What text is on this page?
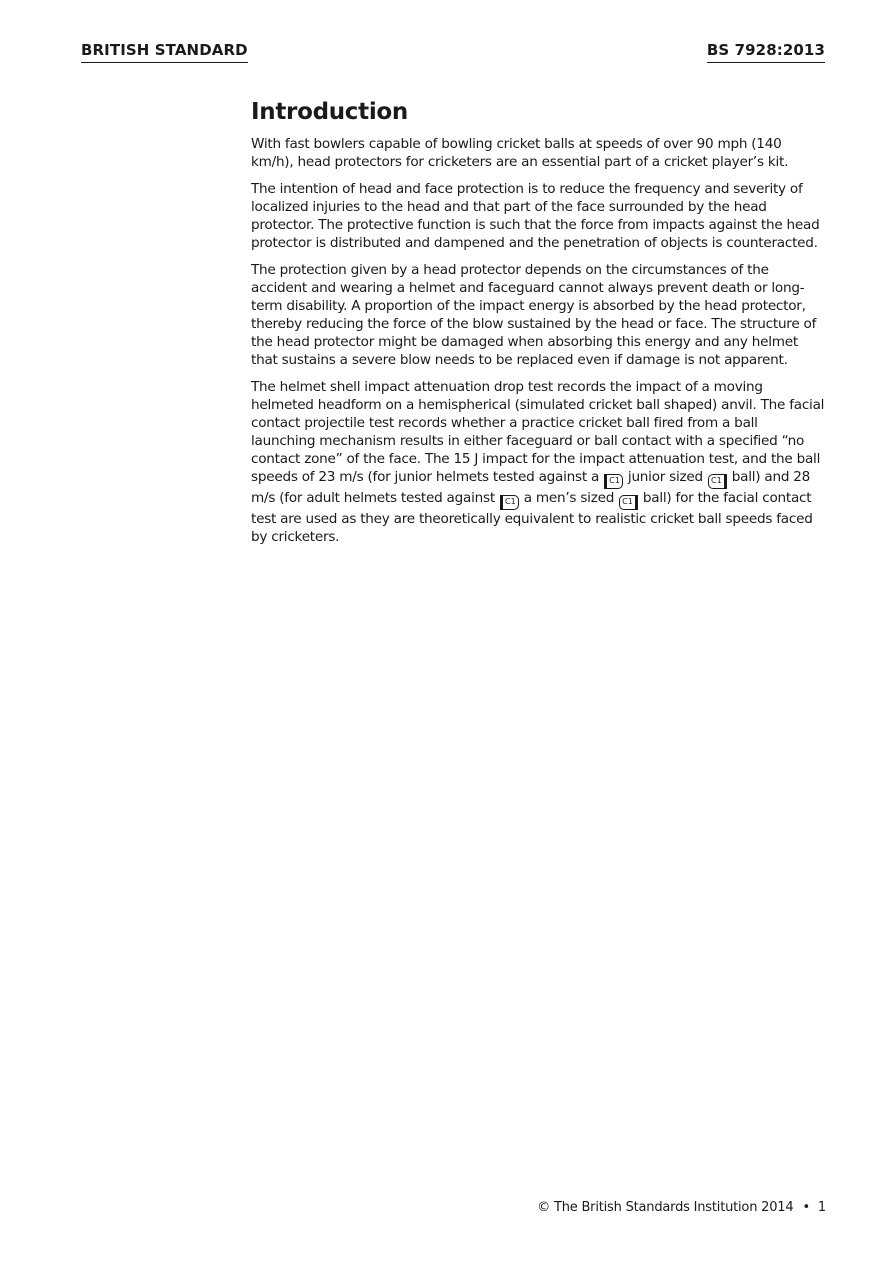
BRITISH STANDARD	BS 7928:2013
Introduction

With fast bowlers capable of bowling cricket balls at speeds of over 90 mph (140 km/h), head protectors for cricketers are an essential part of a cricket player’s kit.

The intention of head and face protection is to reduce the frequency and severity of localized injuries to the head and that part of the face surrounded by the head protector. The protective function is such that the force from impacts against the head protector is distributed and dampened and the penetration of objects is counteracted.

The protection given by a head protector depends on the circumstances of the accident and wearing a helmet and faceguard cannot always prevent death or long-term disability. A proportion of the impact energy is absorbed by the head protector, thereby reducing the force of the blow sustained by the head or face. The structure of the head protector might be damaged when absorbing this energy and any helmet that sustains a severe blow needs to be replaced even if damage is not apparent.

The helmet shell impact attenuation drop test records the impact of a moving helmeted headform on a hemispherical (simulated cricket ball shaped) anvil. The facial contact projectile test records whether a practice cricket ball fired from a ball launching mechanism results in either faceguard or ball contact with a specified “no contact zone” of the face. The 15 J impact for the impact attenuation test, and the ball speeds of 23 m/s (for junior helmets tested against a C1 junior sized C1 ball) and 28 m/s (for adult helmets tested against C1 a men’s sized C1 ball) for the facial contact test are used as they are theoretically equivalent to realistic cricket ball speeds faced by cricketers.

© The British Standards Institution 2014 • 1
